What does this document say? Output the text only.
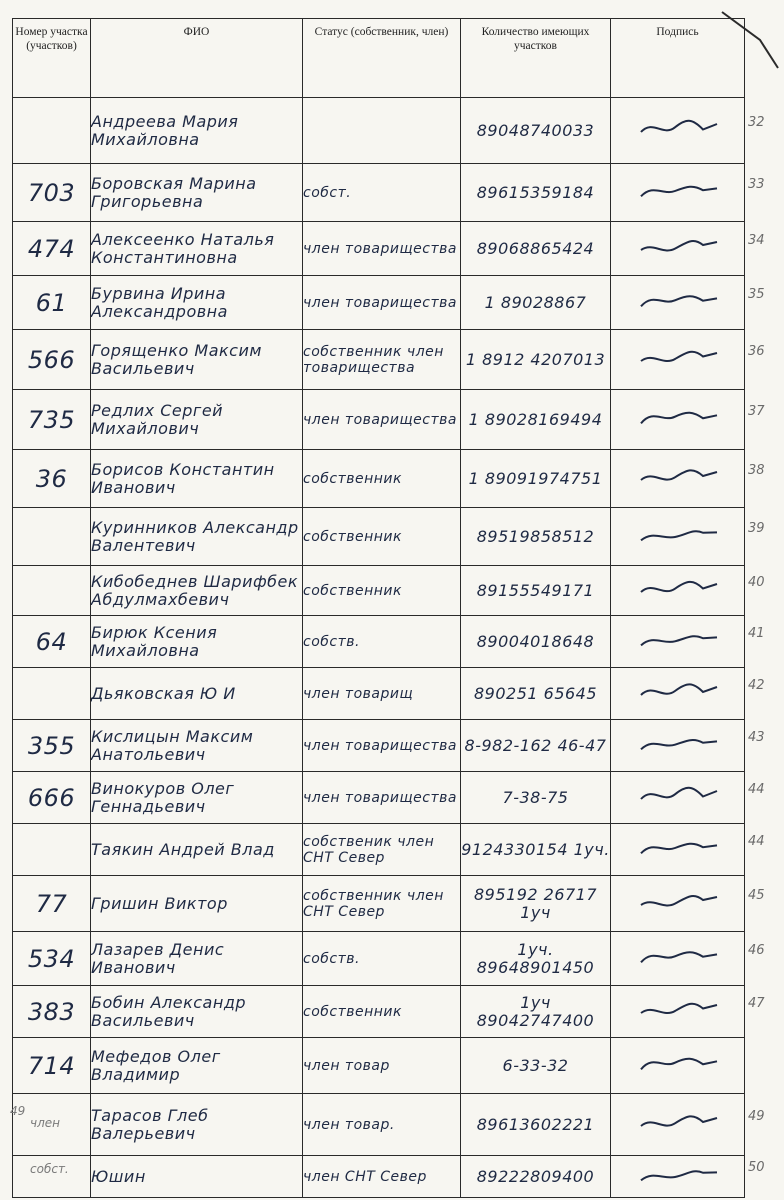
Номер участка (участков)	ФИО	Статус (собственник, член)	Количество имеющих участков	Подпись
	Андреева Мария Михайловна		89048740033	
703	Боровская Марина Григорьевна	собст.	89615359184	
474	Алексеенко Наталья Константиновна	член товарищества	89068865424	
61	Бурвина Ирина Александровна	член товарищества	1 89028867	
566	Горященко Максим Васильевич	собственник член товарищества	1 8912 4207013	
735	Редлих Сергей Михайлович	член товарищества	1 89028169494	
36	Борисов Константин Иванович	собственник	1 89091974751	
	Куринников Александр Валентевич	собственник	89519858512	
	Кибобеднев Шарифбек Абдулмахбевич	собственник	89155549171	
64	Бирюк Ксения Михайловна	собств.	89004018648	
	Дьяковская Ю И	член товарищ	890251 65645	
355	Кислицын Максим Анатольевич	член товарищества	8-982-162 46-47	
666	Винокуров Олег Геннадьевич	член товарищества	7-38-75	
	Таякин Андрей Влад	собственик член СНТ Север	9124330154 1уч.	
77	Гришин Виктор	собственник член СНТ Север	895192 26717 1уч	
534	Лазарев Денис Иванович	собств.	1уч. 89648901450	
383	Бобин Александр Васильевич	собственник	1уч 89042747400	
714	Мефедов Олег Владимир	член товар	6-33-32	
	Тарасов Глеб Валерьевич	член товар.	89613602221	
	Юшин	член СНТ Север	89222809400	
32
33
34
35
36
37
38
39
40
41
42
43
44
44
45
46
47
49
50
49
член
собст.
